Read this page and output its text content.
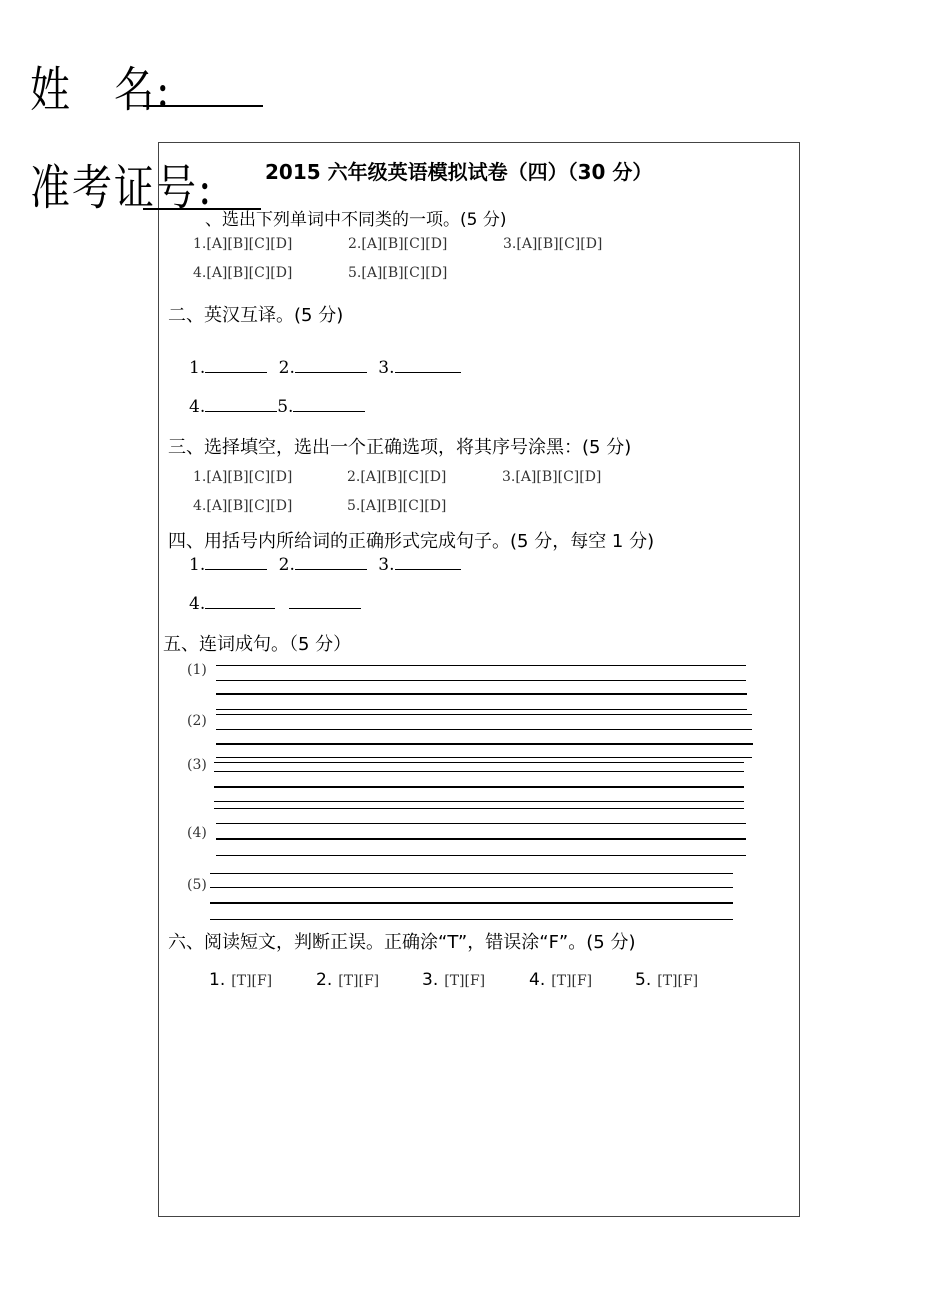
姓　名:
准考证号:	2015 六年级英语模拟试卷（四）（30 分）
、选出下列单词中不同类的一项。(5 分)
1.[A][B][C][D]	2.[A][B][C][D]	3.[A][B][C][D]
4.[A][B][C][D]	5.[A][B][C][D]
二、英汉互译。(5 分)
1.	2.	3.
4.	5.
三、选择填空，选出一个正确选项，将其序号涂黑：(5 分)
1.[A][B][C][D]	2.[A][B][C][D]	3.[A][B][C][D]
4.[A][B][C][D]	5.[A][B][C][D]
四、用括号内所给词的正确形式完成句子。(5 分，每空 1 分)
1.	2.	3.
4.
五、连词成句。（5 分）
(1)
(2)
(3)
(4)
(5)
六、阅读短文，判断正误。正确涂“T”，错误涂“F”。(5 分)
1. [T][F]	2. [T][F]	3. [T][F]	4. [T][F]	5. [T][F]
